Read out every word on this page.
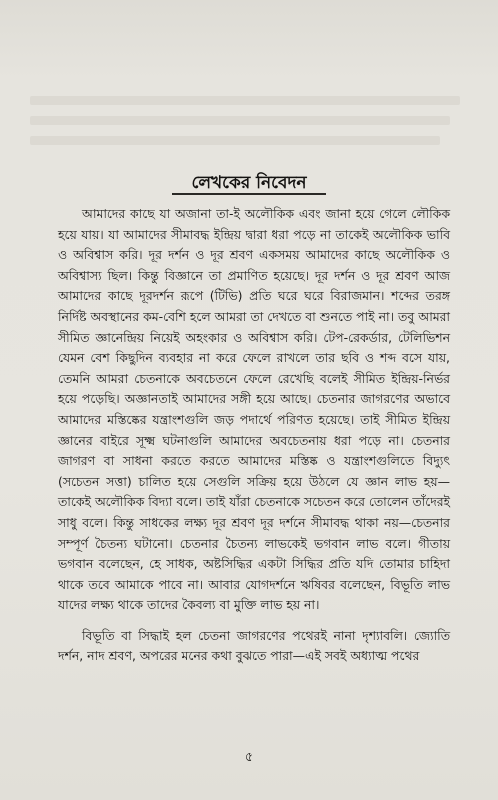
লেখকের নিবেদন

আমাদের কাছে যা অজানা তা-ই অলৌকিক এবং জানা হয়ে গেলে লৌকিক হয়ে যায়। যা আমাদের সীমাবদ্ধ ইন্দ্রিয় দ্বারা ধরা পড়ে না তাকেই অলৌকিক ভাবি ও অবিশ্বাস করি। দূর দর্শন ও দূর শ্রবণ একসময় আমাদের কাছে অলৌকিক ও অবিশ্বাস্য ছিল। কিন্তু বিজ্ঞানে তা প্রমাণিত হয়েছে। দূর দর্শন ও দূর শ্রবণ আজ আমাদের কাছে দূরদর্শন রূপে (টিভি) প্রতি ঘরে ঘরে বিরাজমান। শব্দের তরঙ্গ নির্দিষ্ট অবস্থানের কম-বেশি হলে আমরা তা দেখতে বা শুনতে পাই না। তবু আমরা সীমিত জ্ঞানেন্দ্রিয় নিয়েই অহংকার ও অবিশ্বাস করি। টেপ-রেকর্ডার, টেলিভিশন যেমন বেশ কিছুদিন ব্যবহার না করে ফেলে রাখলে তার ছবি ও শব্দ বসে যায়, তেমনি আমরা চেতনাকে অবচেতনে ফেলে রেখেছি বলেই সীমিত ইন্দ্রিয়-নির্ভর হয়ে পড়েছি। অজ্ঞানতাই আমাদের সঙ্গী হয়ে আছে। চেতনার জাগরণের অভাবে আমাদের মস্তিষ্কের যন্ত্রাংশগুলি জড় পদার্থে পরিণত হয়েছে। তাই সীমিত ইন্দ্রিয় জ্ঞানের বাইরে সূক্ষ্ম ঘটনাগুলি আমাদের অবচেতনায় ধরা পড়ে না। চেতনার জাগরণ বা সাধনা করতে করতে আমাদের মস্তিষ্ক ও যন্ত্রাংশগুলিতে বিদ্যুৎ (সচেতন সত্তা) চালিত হয়ে সেগুলি সক্রিয় হয়ে উঠলে যে জ্ঞান লাভ হয়—তাকেই অলৌকিক বিদ্যা বলে। তাই যাঁরা চেতনাকে সচেতন করে তোলেন তাঁদেরই সাধু বলে। কিন্তু সাধকের লক্ষ্য দূর শ্রবণ দূর দর্শনে সীমাবদ্ধ থাকা নয়—চেতনার সম্পূর্ণ চৈতন্য ঘটানো। চেতনার চৈতন্য লাভকেই ভগবান লাভ বলে। গীতায় ভগবান বলেছেন, হে সাধক, অষ্টসিদ্ধির একটা সিদ্ধির প্রতি যদি তোমার চাহিদা থাকে তবে আমাকে পাবে না। আবার যোগদর্শনে ঋষিবর বলেছেন, বিভূতি লাভ যাদের লক্ষ্য থাকে তাদের কৈবল্য বা মুক্তি লাভ হয় না।

বিভূতি বা সিদ্ধাই হল চেতনা জাগরণের পথেরই নানা দৃশ্যাবলি। জ্যোতি দর্শন, নাদ শ্রবণ, অপরের মনের কথা বুঝতে পারা—এই সবই অধ্যাত্ম পথের

৫
